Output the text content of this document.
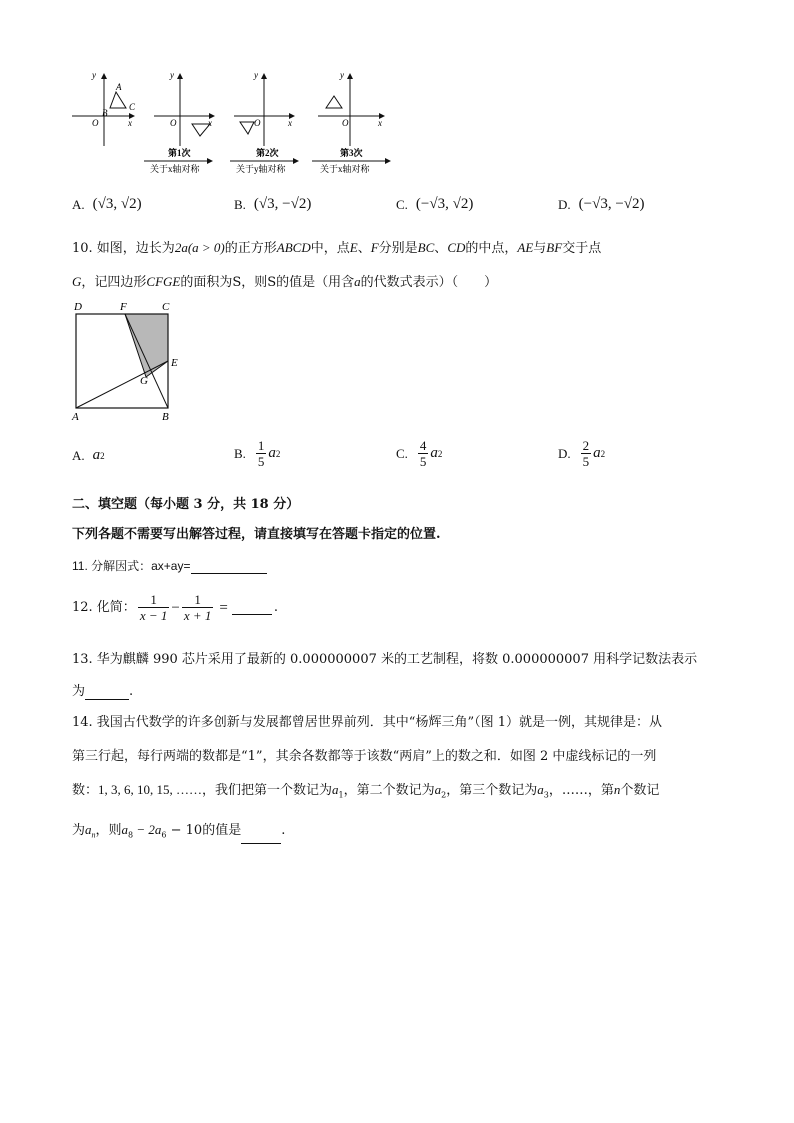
y
x
O
A
B
C
y
x
O
y
x
O
y
x
O
第1次
关于x轴对称
第2次
关于y轴对称
第3次
关于x轴对称
A. (√3, √2)	B. (√3, −√2)	C. (−√3, √2)	D. (−√3, −√2)
10. 如图，边长为2a(a > 0)的正方形ABCD中，点E、F分别是BC、CD的中点，AE与BF交于点
G，记四边形CFGE的面积为S，则S的值是（用含a的代数式表示）（　　）
D	F	C
E
G
A	B
A. a 2	B. $\frac{1}{5}$ a 2	C. $\frac{4}{5}$ a 2	D. $\frac{2}{5}$ a 2
二、填空题（每小题 3 分，共 18 分）
下列各题不需要写出解答过程，请直接填写在答题卡指定的位置.
11. 分解因式：ax+ay=
12. 化简： $\frac{1}{x - 1} - \frac{1}{x + 1}$ =	.
13. 华为麒麟 990 芯片采用了最新的 0.000000007 米的工艺制程，将数 0.000000007 用科学记数法表示
为	.
14. 我国古代数学的许多创新与发展都曾居世界前列．其中“杨辉三角”（图 1）就是一例，其规律是：从
第三行起，每行两端的数都是“1”，其余各数都等于该数“两肩”上的数之和．如图 2 中虚线标记的一列
数：1, 3, 6, 10, 15, ……，我们把第一个数记为$a_1$，第二个数记为$a_2$，第三个数记为$a_3$，……，第n个数记
为$a_n$，则$a_8 - 2a_6 - 10$的值是	.
